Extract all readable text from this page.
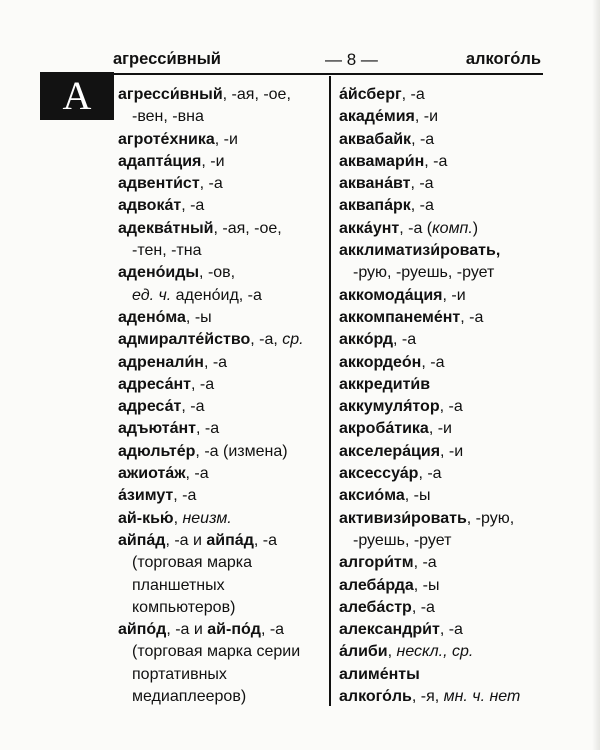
агресси́вный	— 8 —	алкого́ль
А	агресси́вный, -ая, -ое,
-вен, -вна
агроте́хника, -и
адапта́ция, -и
адвенти́ст, -а
адвока́т, -а
адеква́тный, -ая, -ое,
-тен, -тна
адено́иды, -ов,
ед. ч. адено́ид, -а
адено́ма, -ы
адмиралте́йство, -а, ср.
адренали́н, -а
адреса́нт, -а
адреса́т, -а
адъюта́нт, -а
адюльте́р, -а (измена)
ажиота́ж, -а
а́зимут, -а
ай-кью́, неизм.
айпа́д, -а и айпа́д, -а
(торговая марка
планшетных
компьютеров)
айпо́д, -а и ай-по́д, -а
(торговая марка серии
портативных
медиаплееров)
а́йсберг, -а
акаде́мия, -и
аквабайк, -а
аквамари́н, -а
аквана́вт, -а
аквапа́рк, -а
акка́унт, -а (комп.)
акклиматизи́ровать,
-рую, -руешь, -рует
аккомода́ция, -и
аккомпанеме́нт, -а
акко́рд, -а
аккордео́н, -а
аккредити́в
аккумуля́тор, -а
акроба́тика, -и
акселера́ция, -и
аксессуа́р, -а
аксио́ма, -ы
активизи́ровать, -рую,
-руешь, -рует
алгори́тм, -а
алеба́рда, -ы
алеба́стр, -а
александри́т, -а
а́либи, нескл., ср.
алиме́нты
алкого́ль, -я, мн. ч. нет
